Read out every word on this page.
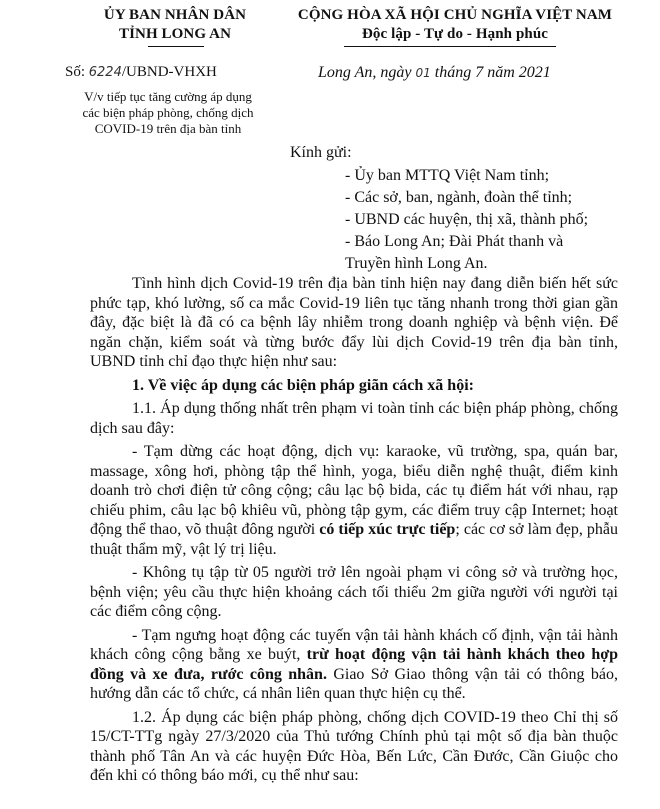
ỦY BAN NHÂN DÂN
TỈNH LONG AN
CỘNG HÒA XÃ HỘI CHỦ NGHĨA VIỆT NAM
Độc lập - Tự do - Hạnh phúc
Số: 6224/UBND-VHXH	Long An, ngày 01 tháng 7 năm 2021
V/v tiếp tục tăng cường áp dụng
các biện pháp phòng, chống dịch
COVID-19 trên địa bàn tỉnh
Kính gửi:
- Ủy ban MTTQ Việt Nam tỉnh;
- Các sở, ban, ngành, đoàn thể tỉnh;
- UBND các huyện, thị xã, thành phố;
- Báo Long An; Đài Phát thanh và
Truyền hình Long An.

Tình hình dịch Covid-19 trên địa bàn tỉnh hiện nay đang diễn biến hết sức phức tạp, khó lường, số ca mắc Covid-19 liên tục tăng nhanh trong thời gian gần đây, đặc biệt là đã có ca bệnh lây nhiễm trong doanh nghiệp và bệnh viện. Để ngăn chặn, kiểm soát và từng bước đẩy lùi dịch Covid-19 trên địa bàn tỉnh, UBND tỉnh chỉ đạo thực hiện như sau:

1. Về việc áp dụng các biện pháp giãn cách xã hội:

1.1. Áp dụng thống nhất trên phạm vi toàn tỉnh các biện pháp phòng, chống dịch sau đây:

- Tạm dừng các hoạt động, dịch vụ: karaoke, vũ trường, spa, quán bar, massage, xông hơi, phòng tập thể hình, yoga, biểu diễn nghệ thuật, điểm kinh doanh trò chơi điện tử công cộng; câu lạc bộ bida, các tụ điểm hát với nhau, rạp chiếu phim, câu lạc bộ khiêu vũ, phòng tập gym, các điểm truy cập Internet; hoạt động thể thao, võ thuật đông người có tiếp xúc trực tiếp; các cơ sở làm đẹp, phẫu thuật thẩm mỹ, vật lý trị liệu.

- Không tụ tập từ 05 người trở lên ngoài phạm vi công sở và trường học, bệnh viện; yêu cầu thực hiện khoảng cách tối thiểu 2m giữa người với người tại các điểm công cộng.

- Tạm ngưng hoạt động các tuyến vận tải hành khách cố định, vận tải hành khách công cộng bằng xe buýt, trừ hoạt động vận tải hành khách theo hợp đồng và xe đưa, rước công nhân. Giao Sở Giao thông vận tải có thông báo, hướng dẫn các tổ chức, cá nhân liên quan thực hiện cụ thể.

1.2. Áp dụng các biện pháp phòng, chống dịch COVID-19 theo Chỉ thị số 15/CT-TTg ngày 27/3/2020 của Thủ tướng Chính phủ tại một số địa bàn thuộc thành phố Tân An và các huyện Đức Hòa, Bến Lức, Cần Đước, Cần Giuộc cho đến khi có thông báo mới, cụ thể như sau:
